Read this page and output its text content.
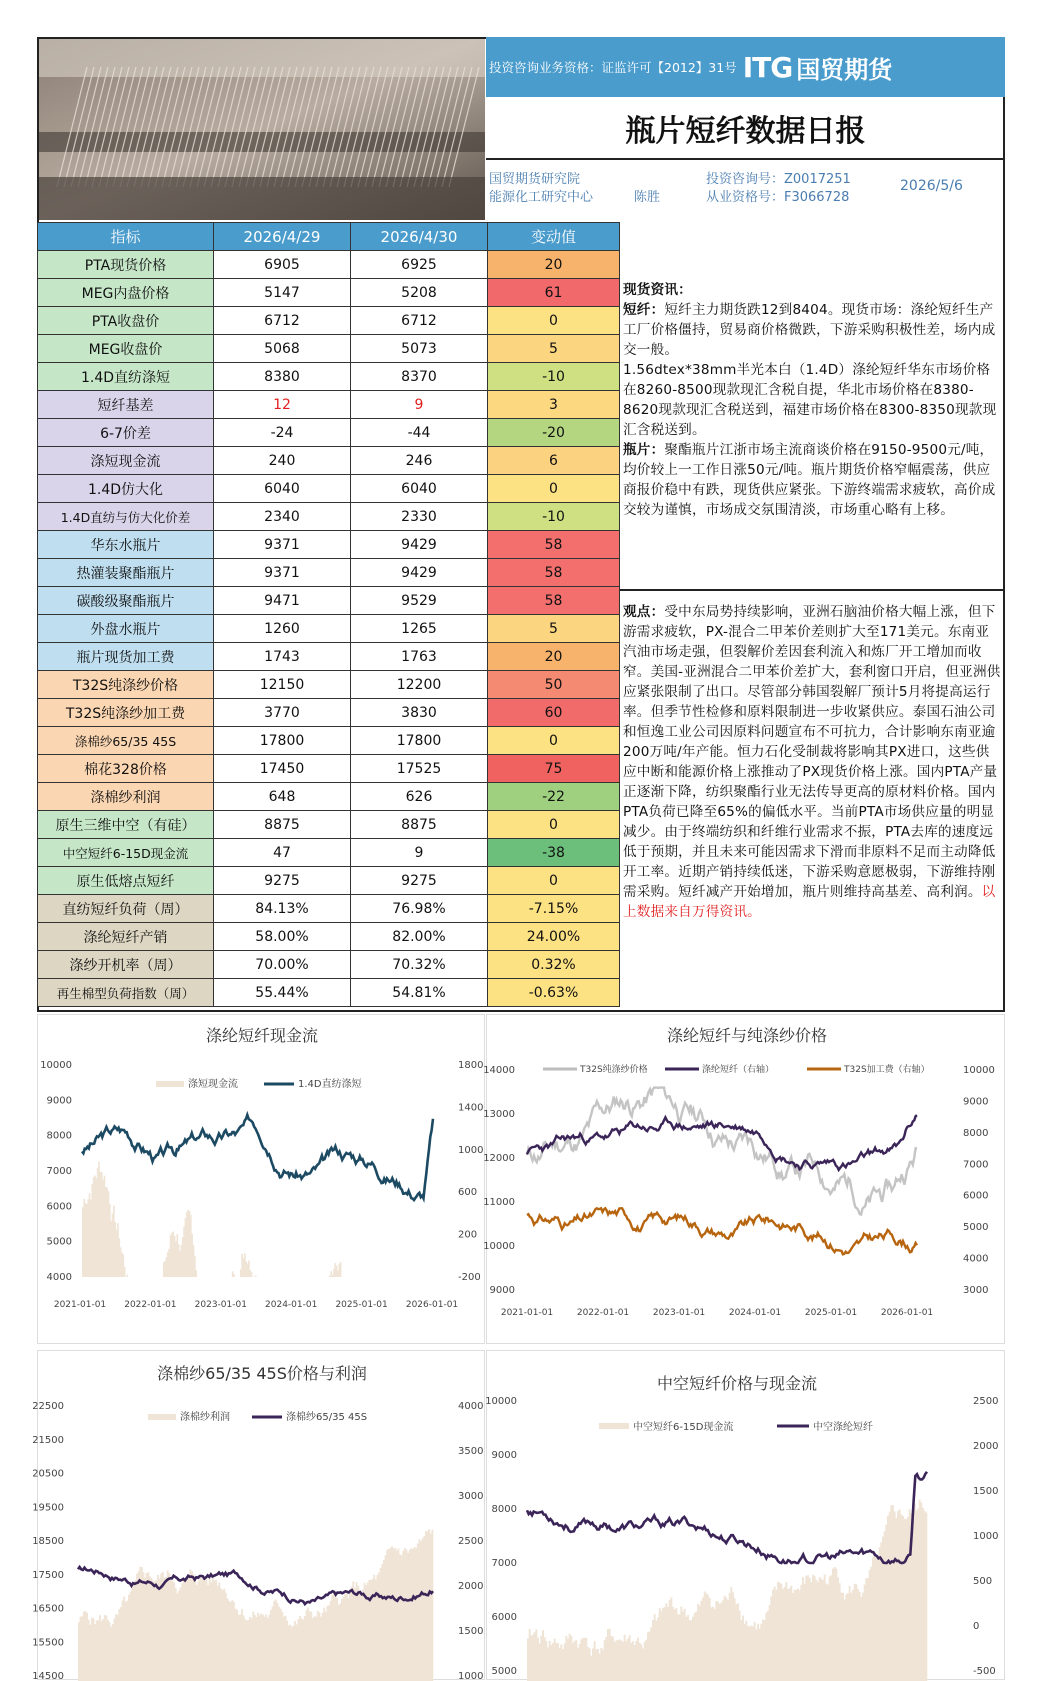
投资咨询业务资格：证监许可【2012】31号 ITG 国贸期货
瓶片短纤数据日报
国贸期货研究院
能源化工研究中心	陈胜
投资咨询号：Z0017251
从业资格号：F3066728
2026/5/6
指标	2026/4/29	2026/4/30	变动值
PTA现货价格	6905	6925	20
MEG内盘价格	5147	5208	61
PTA收盘价	6712	6712	0
MEG收盘价	5068	5073	5
1.4D直纺涤短	8380	8370	-10
短纤基差	12	9	3
6-7价差	-24	-44	-20
涤短现金流	240	246	6
1.4D仿大化	6040	6040	0
1.4D直纺与仿大化价差	2340	2330	-10
华东水瓶片	9371	9429	58
热灌装聚酯瓶片	9371	9429	58
碳酸级聚酯瓶片	9471	9529	58
外盘水瓶片	1260	1265	5
瓶片现货加工费	1743	1763	20
T32S纯涤纱价格	12150	12200	50
T32S纯涤纱加工费	3770	3830	60
涤棉纱65/35 45S	17800	17800	0
棉花328价格	17450	17525	75
涤棉纱利润	648	626	-22
原生三维中空（有硅）	8875	8875	0
中空短纤6-15D现金流	47	9	-38
原生低熔点短纤	9275	9275	0
直纺短纤负荷（周）	84.13%	76.98%	-7.15%
涤纶短纤产销	58.00%	82.00%	24.00%
涤纱开机率（周）	70.00%	70.32%	0.32%
再生棉型负荷指数（周）	55.44%	54.81%	-0.63%

现货资讯：

短纤：短纤主力期货跌12到8404。现货市场：涤纶短纤生产工厂价格僵持，贸易商价格微跌，下游采购积极性差，场内成交一般。

1.56dtex*38mm半光本白（1.4D）涤纶短纤华东市场价格在8260-8500现款现汇含税自提，华北市场价格在8380-8620现款现汇含税送到，福建市场价格在8300-8350现款现汇含税送到。

瓶片：聚酯瓶片江浙市场主流商谈价格在9150-9500元/吨，均价较上一工作日涨50元/吨。瓶片期货价格窄幅震荡，供应商报价稳中有跌，现货供应紧张。下游终端需求疲软，高价成交较为谨慎，市场成交氛围清淡，市场重心略有上移。

观点：受中东局势持续影响，亚洲石脑油价格大幅上涨，但下游需求疲软，PX-混合二甲苯价差则扩大至171美元。东南亚汽油市场走强，但裂解价差因套利流入和炼厂开工增加而收窄。美国-亚洲混合二甲苯价差扩大，套利窗口开启，但亚洲供应紧张限制了出口。尽管部分韩国裂解厂预计5月将提高运行率。但季节性检修和原料限制进一步收紧供应。泰国石油公司和恒逸工业公司因原料问题宣布不可抗力，合计影响东南亚逾200万吨/年产能。恒力石化受制裁将影响其PX进口，这些供应中断和能源价格上涨推动了PX现货价格上涨。国内PTA产量正逐渐下降，纺织聚酯行业无法传导更高的原材料价格。国内PTA负荷已降至65%的偏低水平。当前PTA市场供应量的明显减少。由于终端纺织和纤维行业需求不振，PTA去库的速度远低于预期，并且未来可能因需求下滑而非原料不足而主动降低开工率。近期产销持续低迷，下游采购意愿极弱，下游维持刚需采购。短纤减产开始增加，瓶片则维持高基差、高利润。以上数据来自万得资讯。

涤纶短纤现金流
涤短现金流	1.4D直纺涤短
10000
9000
8000
7000
6000
5000
4000
1800
1400
1000
600
200
-200
2021-01-01 2022-01-01 2023-01-01 2024-01-01 2025-01-01 2026-01-01
涤纶短纤与纯涤纱价格
T32S纯涤纱价格	涤纶短纤（右轴）	T32S加工费（右轴）
14000
13000
12000
11000
10000
9000
10000
9000
8000
7000
6000
5000
4000
3000
2021-01-01	2022-01-01	2023-01-01	2024-01-01	2025-01-01	2026-01-01
涤棉纱65/35 45S价格与利润
涤棉纱利润	涤棉纱65/35 45S
22500
21500
20500
19500
18500
17500
16500
15500
14500
4000
3500
3000
2500
2000
1500
1000
中空短纤价格与现金流
中空短纤6-15D现金流	中空涤纶短纤
10000
9000
8000
7000
6000
5000
2500
2000
1500
1000
500
0
-500
